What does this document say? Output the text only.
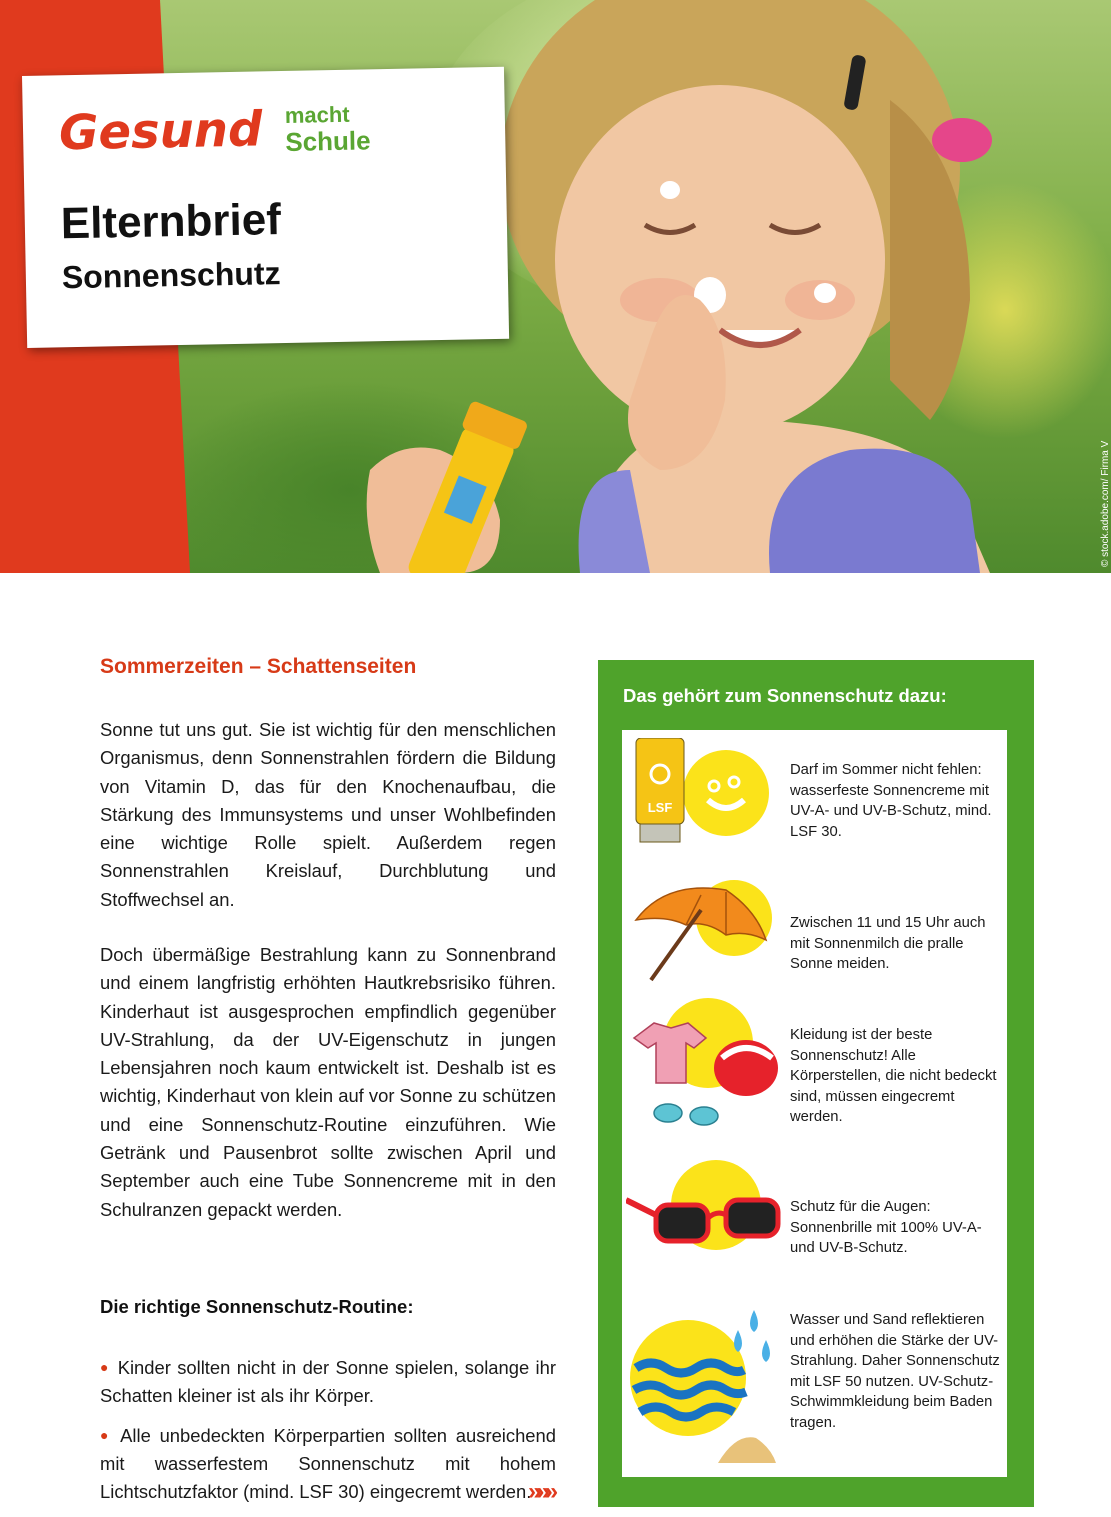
Gesund macht
Schule
Elternbrief
Sonnenschutz
© stock.adobe.com/ Firma V
Sommerzeiten – Schattenseiten

Sonne tut uns gut. Sie ist wichtig für den menschlichen Organismus, denn Sonnenstrahlen fördern die Bildung von Vitamin D, das für den Knochenaufbau, die Stärkung des Immunsystems und unser Wohlbefinden eine wichtige Rolle spielt. Außerdem regen Sonnenstrahlen Kreislauf, Durchblutung und Stoffwechsel an.

Doch übermäßige Bestrahlung kann zu Sonnenbrand und einem langfristig erhöhten Hautkrebsrisiko führen. Kinderhaut ist ausgesprochen empfindlich gegenüber UV-Strahlung, da der UV-Eigenschutz in jungen Lebensjahren noch kaum entwickelt ist. Deshalb ist es wichtig, Kinderhaut von klein auf vor Sonne zu schützen und eine Sonnenschutz-Routine einzuführen. Wie Getränk und Pausenbrot sollte zwischen April und September auch eine Tube Sonnencreme mit in den Schulranzen gepackt werden.

Die richtige Sonnenschutz-Routine:
● Kinder sollten nicht in der Sonne spielen, solange ihr Schatten kleiner ist als ihr Körper.
● Alle unbedeckten Körperpartien sollten ausreichend mit wasserfestem Sonnenschutz mit hohem Lichtschutzfaktor (mind. LSF 30) eingecremt werden.
»»»
Das gehört zum Sonnenschutz dazu:
LSF
Darf im Sommer nicht fehlen: wasserfeste Sonnencreme mit UV-A- und UV-B-Schutz, mind. LSF 30.
Zwischen 11 und 15 Uhr auch mit Sonnenmilch die pralle Sonne meiden.
Kleidung ist der beste Sonnenschutz! Alle Körperstellen, die nicht bedeckt sind, müssen eingecremt werden.
Schutz für die Augen: Sonnenbrille mit 100% UV-A- und UV-B-Schutz.
Wasser und Sand reflektieren und erhöhen die Stärke der UV-Strahlung. Daher Sonnenschutz mit LSF 50 nutzen. UV-Schutz-Schwimmkleidung beim Baden tragen.
